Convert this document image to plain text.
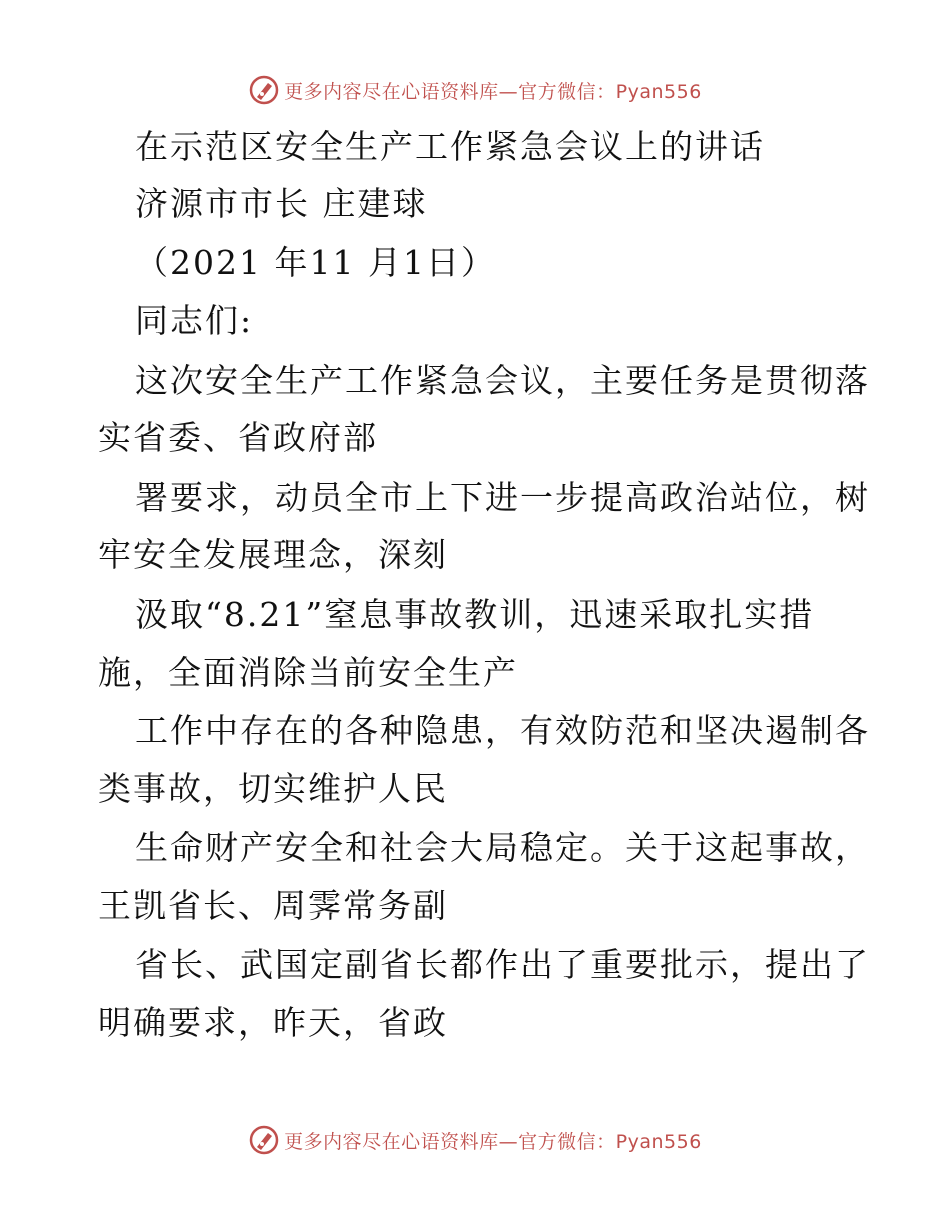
更多内容尽在心语资料库—官方微信：Pyan556
在示范区安全生产工作紧急会议上的讲话
济源市市长 庄建球
（2021 年11 月1日）
同志们:
这次安全生产工作紧急会议，主要任务是贯彻落
实省委、省政府部
署要求，动员全市上下进一步提高政治站位，树
牢安全发展理念，深刻
汲取“8.21”窒息事故教训，迅速采取扎实措
施，全面消除当前安全生产
工作中存在的各种隐患，有效防范和坚决遏制各
类事故，切实维护人民
生命财产安全和社会大局稳定。关于这起事故，
王凯省长、周霁常务副
省长、武国定副省长都作出了重要批示，提出了
明确要求，昨天，省政
更多内容尽在心语资料库—官方微信：Pyan556
